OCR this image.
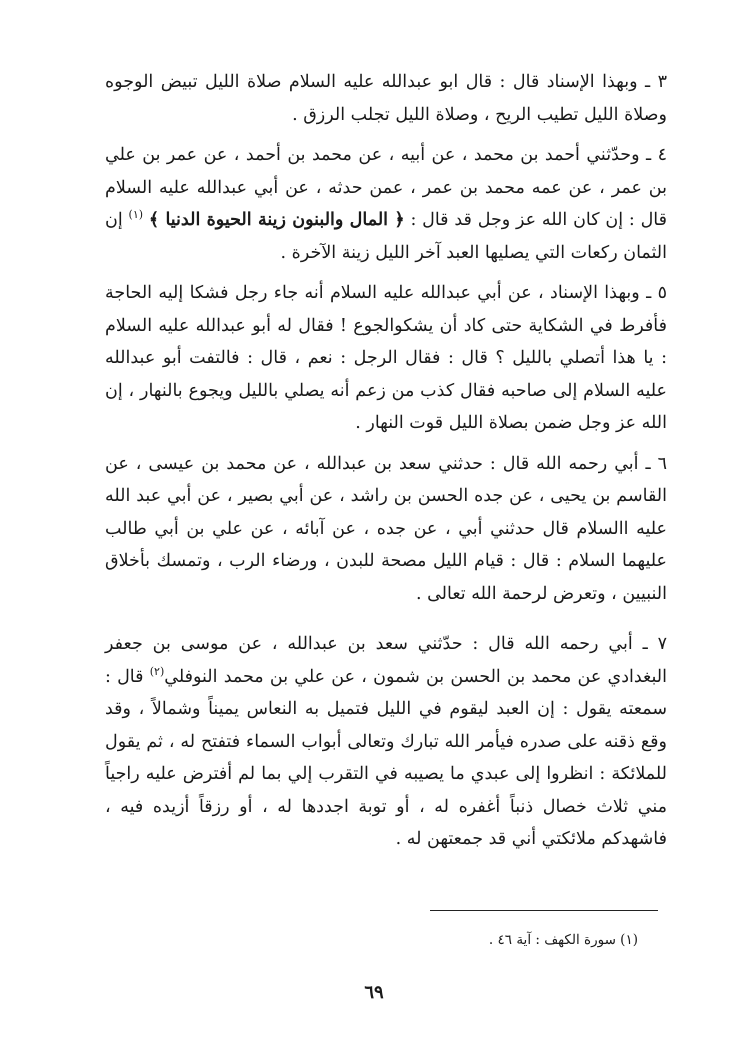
٣ ـ وبهذا الإسناد قال : قال ابو عبدالله عليه السلام صلاة الليل تبيض الوجوه وصلاة الليل تطيب الريح ، وصلاة الليل تجلب الرزق .

٤ ـ وحدّثني أحمد بن محمد ، عن أبيه ، عن محمد بن أحمد ، عن عمر بن علي بن عمر ، عن عمه محمد بن عمر ، عمن حدثه ، عن أبي عبدالله عليه السلام قال : إن كان الله عز وجل قد قال : ﴿ المال والبنون زينة الحيوة الدنيا ﴾ $^{(١)}$ إن الثمان ركعات التي يصليها العبد آخر الليل زينة الآخرة .

٥ ـ وبهذا الإسناد ، عن أبي عبدالله عليه السلام أنه جاء رجل فشكا إليه الحاجة فأفرط في الشكاية حتى كاد أن يشكوالجوع ! فقال له أبو عبدالله عليه السلام : يا هذا أتصلي بالليل ؟ قال : فقال الرجل : نعم ، قال : فالتفت أبو عبدالله عليه السلام إلى صاحبه فقال كذب من زعم أنه يصلي بالليل ويجوع بالنهار ، إن الله عز وجل ضمن بصلاة الليل قوت النهار .

٦ ـ أبي رحمه الله قال : حدثني سعد بن عبدالله ، عن محمد بن عيسى ، عن القاسم بن يحيى ، عن جده الحسن بن راشد ، عن أبي بصير ، عن أبي عبد الله عليه االسلام قال حدثني أبي ، عن جده ، عن آبائه ، عن علي بن أبي طالب عليهما السلام : قال : قيام الليل مصحة للبدن ، ورضاء الرب ، وتمسك بأخلاق النبيين ، وتعرض لرحمة الله تعالى .

٧ ـ أبي رحمه الله قال : حدّثني سعد بن عبدالله ، عن موسى بن جعفر البغدادي عن محمد بن الحسن بن شمون ، عن علي بن محمد النوفلي$^{(٢)}$ قال : سمعته يقول : إن العبد ليقوم في الليل فتميل به النعاس يميناً وشمالاً ، وقد وقع ذقنه على صدره فيأمر الله تبارك وتعالى أبواب السماء فتفتح له ، ثم يقول للملائكة : انظروا إلى عبدي ما يصيبه في التقرب إلي بما لم أفترض عليه راجياً مني ثلاث خصال ذنباً أغفره له ، أو توبة اجددها له ، أو رزقاً أزيده فيه ، فاشهدكم ملائكتي أني قد جمعتهن له .

(١) سورة الكهف : آية ٤٦ .
٦٩
